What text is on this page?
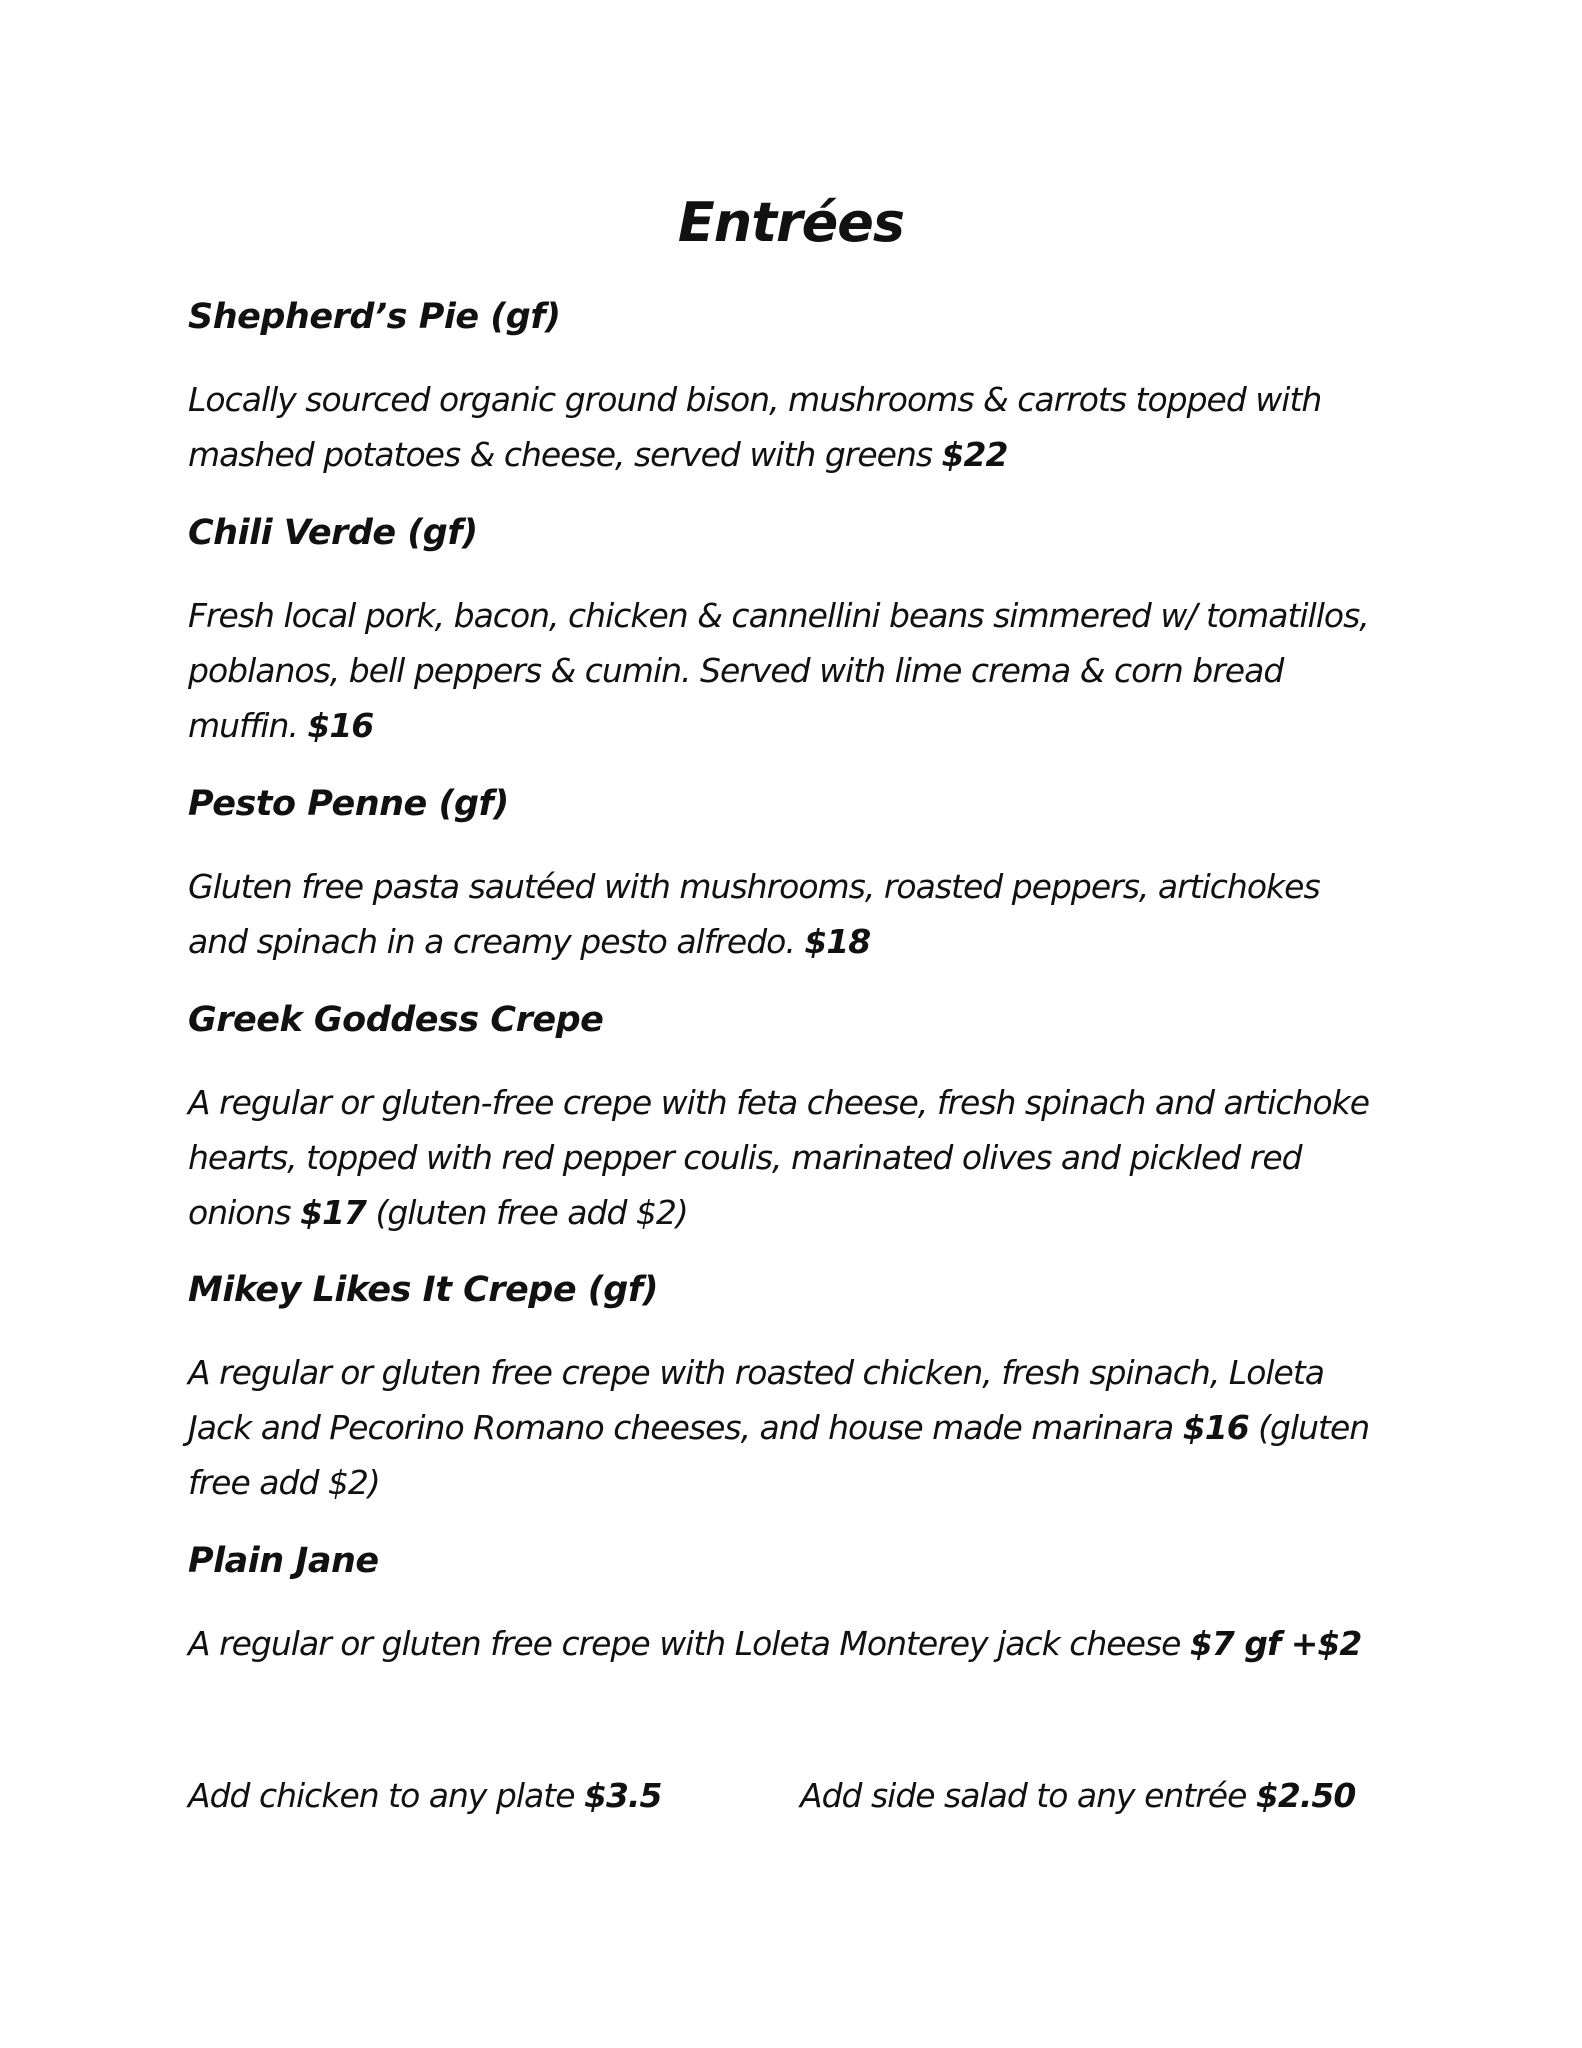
Entrées
Shepherd’s Pie (gf)
Locally sourced organic ground bison, mushrooms & carrots topped with mashed potatoes & cheese, served with greens $22
Chili Verde (gf)
Fresh local pork, bacon, chicken & cannellini beans simmered w/ tomatillos, poblanos, bell peppers & cumin. Served with lime crema & corn bread muffin. $16
Pesto Penne (gf)
Gluten free pasta sautéed with mushrooms, roasted peppers, artichokes and spinach in a creamy pesto alfredo. $18
Greek Goddess Crepe
A regular or gluten-free crepe with feta cheese, fresh spinach and artichoke hearts, topped with red pepper coulis, marinated olives and pickled red onions $17 (gluten free add $2)
Mikey Likes It Crepe (gf)
A regular or gluten free crepe with roasted chicken, fresh spinach, Loleta Jack and Pecorino Romano cheeses, and house made marinara $16 (gluten free add $2)
Plain Jane
A regular or gluten free crepe with Loleta Monterey jack cheese $7 gf +$2
Add chicken to any plate $3.5	Add side salad to any entrée $2.50
